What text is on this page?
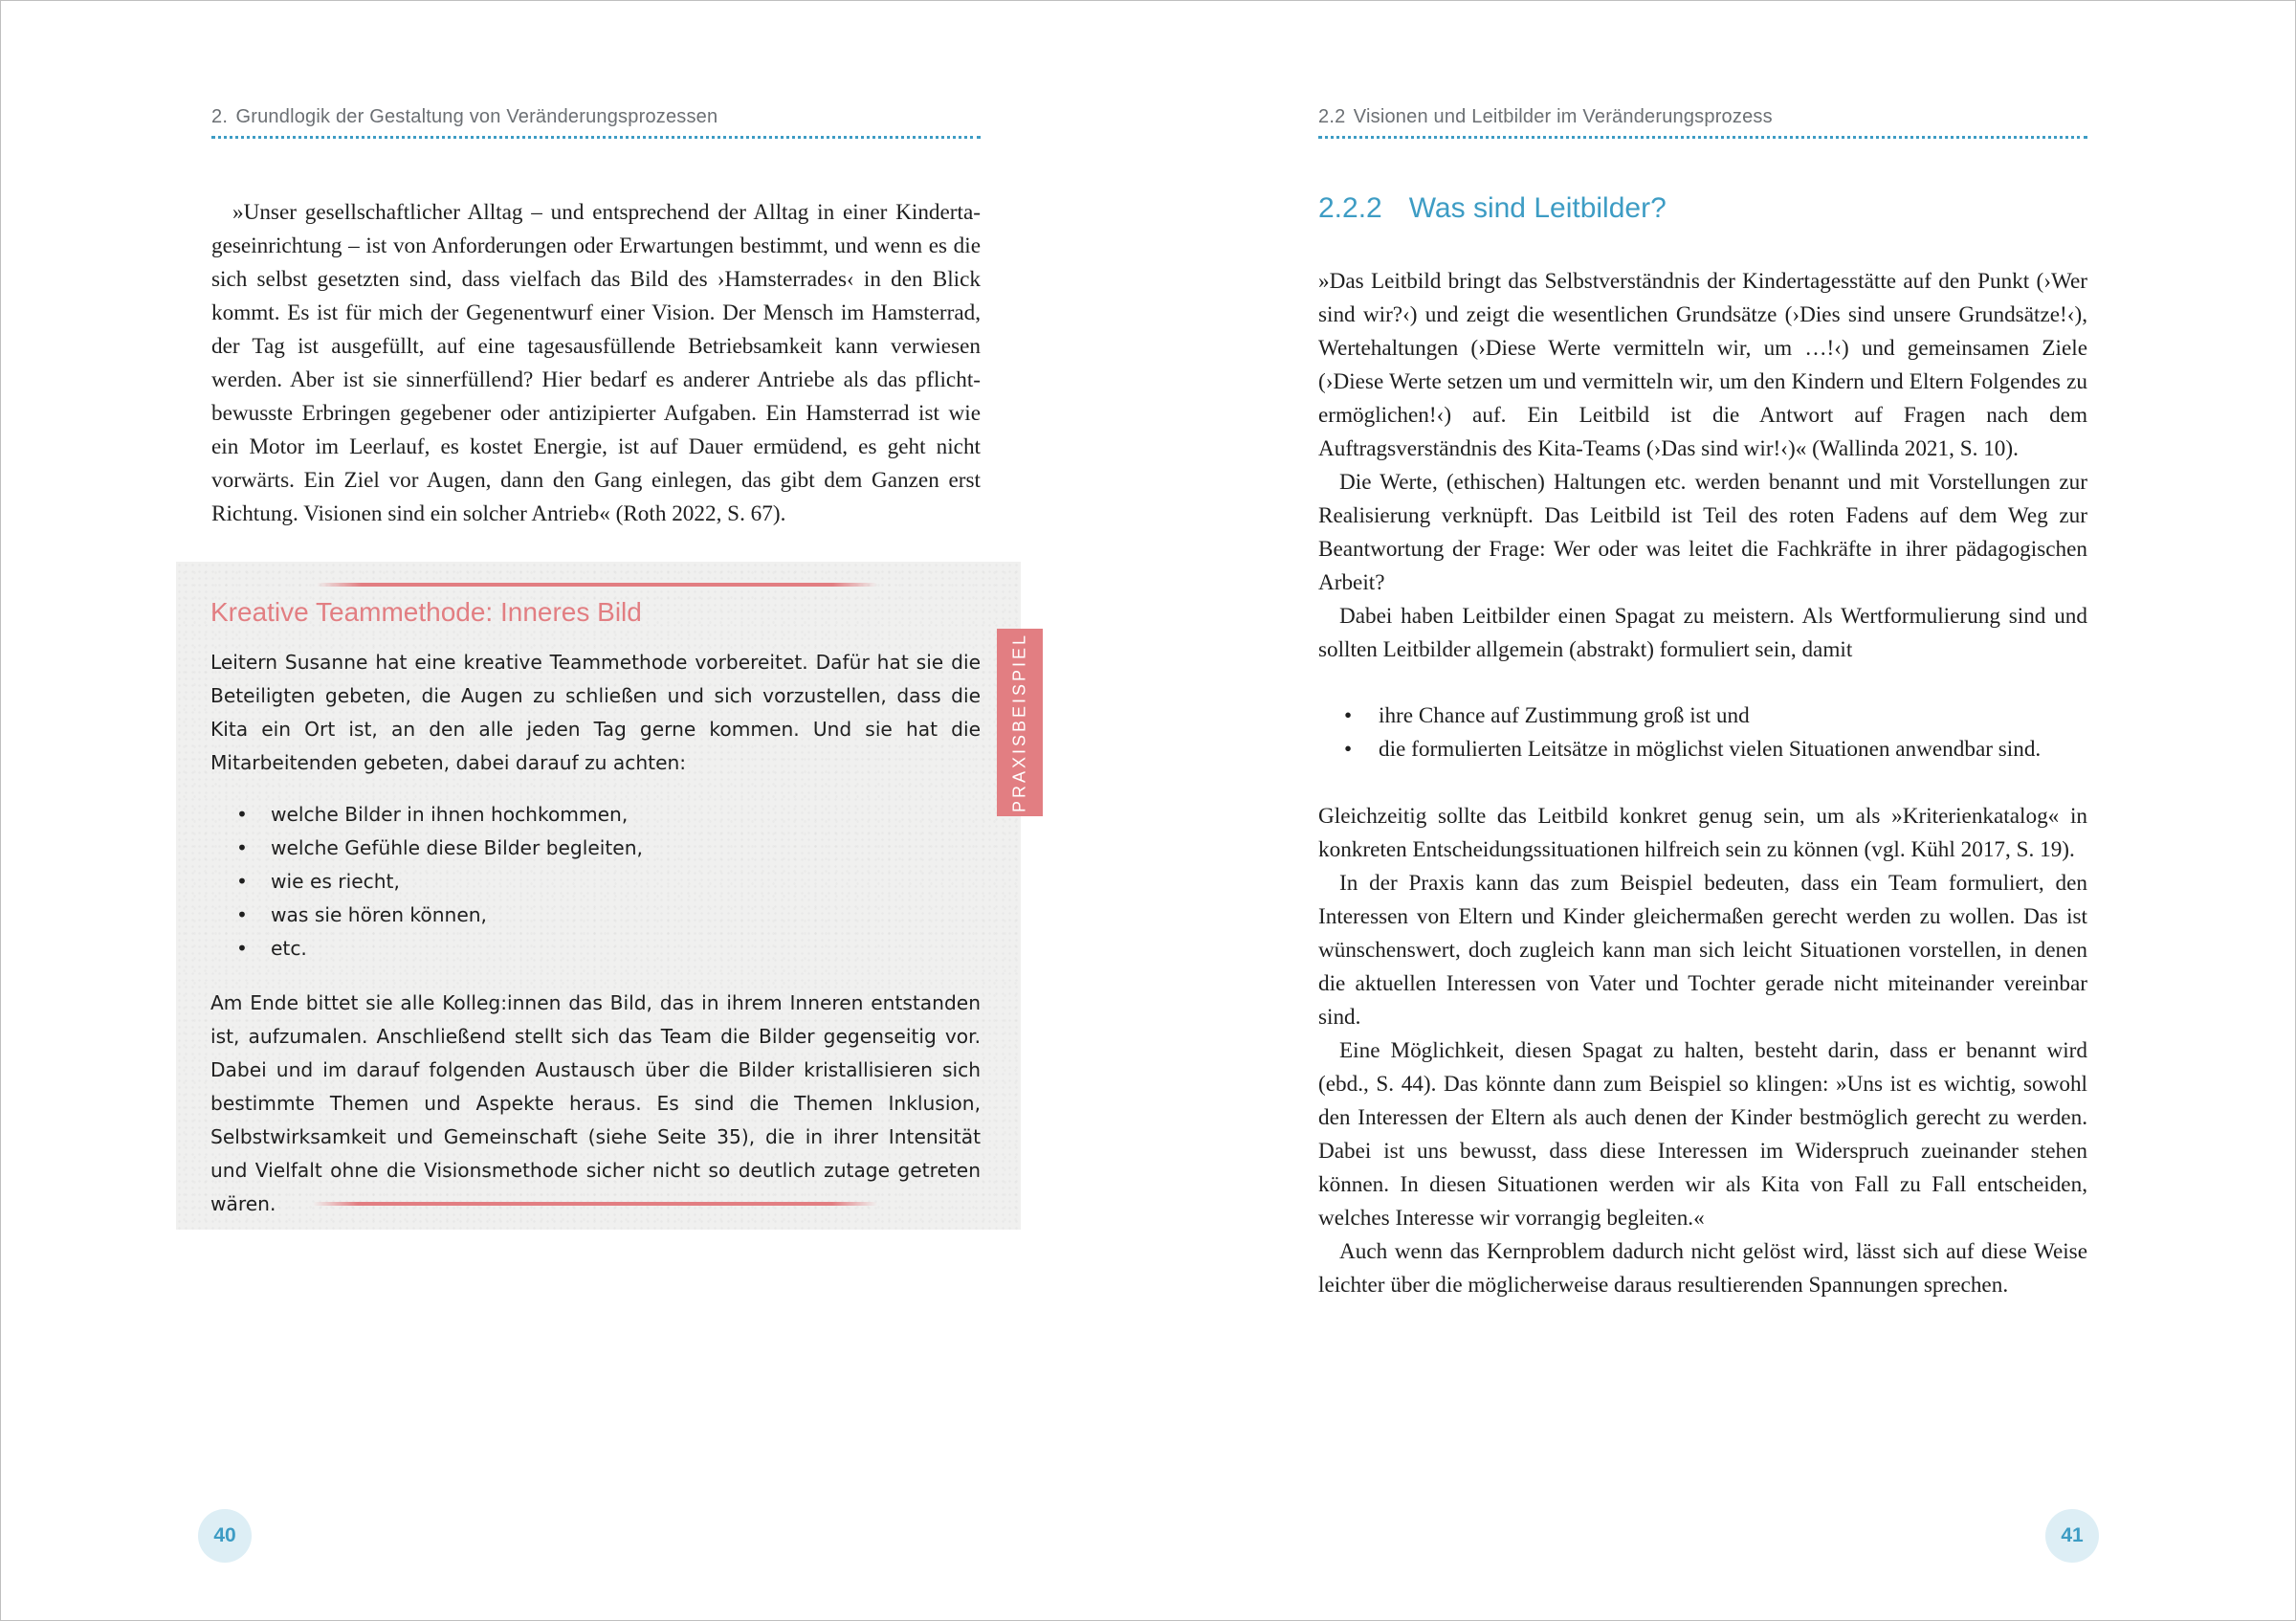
2.  Grundlogik der Gestaltung von Veränderungsprozessen

»Unser gesellschaftlicher Alltag – und entsprechend der Alltag in einer Kindertageseinrichtung – ist von Anforderungen oder Erwartungen bestimmt, und wenn es die sich selbst gesetzten sind, dass vielfach das Bild des ›Hamsterrades‹ in den Blick kommt. Es ist für mich der Gegenentwurf einer Vision. Der Mensch im Hamsterrad, der Tag ist ausgefüllt, auf eine tagesausfüllende Betriebsamkeit kann verwiesen werden. Aber ist sie sinnerfüllend? Hier bedarf es anderer Antriebe als das pflichtbewusste Erbringen gegebener oder antizipierter Aufgaben. Ein Hamsterrad ist wie ein Motor im Leerlauf, es kostet Energie, ist auf Dauer ermüdend, es geht nicht vorwärts. Ein Ziel vor Augen, dann den Gang einlegen, das gibt dem Ganzen erst Richtung. Visionen sind ein solcher Antrieb« (Roth 2022, S. 67).

Kreative Teammethode: Inneres Bild
PRAXISBEISPIEL

Leitern Susanne hat eine kreative Teammethode vorbereitet. Dafür hat sie die Beteiligten gebeten, die Augen zu schließen und sich vorzustellen, dass die Kita ein Ort ist, an den alle jeden Tag gerne kommen. Und sie hat die Mitarbeitenden gebeten, dabei darauf zu achten:

• welche Bilder in ihnen hochkommen,
• welche Gefühle diese Bilder begleiten,
• wie es riecht,
• was sie hören können,
• etc.

Am Ende bittet sie alle Kolleg:innen das Bild, das in ihrem Inneren entstanden ist, aufzumalen. Anschließend stellt sich das Team die Bilder gegenseitig vor. Dabei und im darauf folgenden Austausch über die Bilder kristallisieren sich bestimmte Themen und Aspekte heraus. Es sind die Themen Inklusion, Selbstwirksamkeit und Gemeinschaft (siehe Seite 35), die in ihrer Intensität und Vielfalt ohne die Visionsmethode sicher nicht so deutlich zutage getreten wären.

40
2.2  Visionen und Leitbilder im Veränderungsprozess
2.2.2 Was sind Leitbilder?

»Das Leitbild bringt das Selbstverständnis der Kindertagesstätte auf den Punkt (›Wer sind wir?‹) und zeigt die wesentlichen Grundsätze (›Dies sind unsere Grundsätze!‹), Wertehaltungen (›Diese Werte vermitteln wir, um …!‹) und gemeinsamen Ziele (›Diese Werte setzen um und vermitteln wir, um den Kindern und Eltern Folgendes zu ermöglichen!‹) auf. Ein Leitbild ist die Antwort auf Fragen nach dem Auftragsverständnis des Kita-Teams (›Das sind wir!‹)« (Wallinda 2021, S. 10).

Die Werte, (ethischen) Haltungen etc. werden benannt und mit Vorstellungen zur Realisierung verknüpft. Das Leitbild ist Teil des roten Fadens auf dem Weg zur Beantwortung der Frage: Wer oder was leitet die Fachkräfte in ihrer pädagogischen Arbeit?

Dabei haben Leitbilder einen Spagat zu meistern. Als Wertformulierung sind und sollten Leitbilder allgemein (abstrakt) formuliert sein, damit

• ihre Chance auf Zustimmung groß ist und
• die formulierten Leitsätze in möglichst vielen Situationen anwendbar sind.

Gleichzeitig sollte das Leitbild konkret genug sein, um als »Kriterienkatalog« in konkreten Entscheidungssituationen hilfreich sein zu können (vgl. Kühl 2017, S. 19).

In der Praxis kann das zum Beispiel bedeuten, dass ein Team formuliert, den Interessen von Eltern und Kinder gleichermaßen gerecht werden zu wollen. Das ist wünschenswert, doch zugleich kann man sich leicht Situationen vorstellen, in denen die aktuellen Interessen von Vater und Tochter gerade nicht miteinander vereinbar sind.

Eine Möglichkeit, diesen Spagat zu halten, besteht darin, dass er benannt wird (ebd., S. 44). Das könnte dann zum Beispiel so klingen: »Uns ist es wichtig, sowohl den Interessen der Eltern als auch denen der Kinder bestmöglich gerecht zu werden. Dabei ist uns bewusst, dass diese Interessen im Widerspruch zueinander stehen können. In diesen Situationen werden wir als Kita von Fall zu Fall entscheiden, welches Interesse wir vorrangig begleiten.«

Auch wenn das Kernproblem dadurch nicht gelöst wird, lässt sich auf diese Weise leichter über die möglicherweise daraus resultierenden Spannungen sprechen.

41
